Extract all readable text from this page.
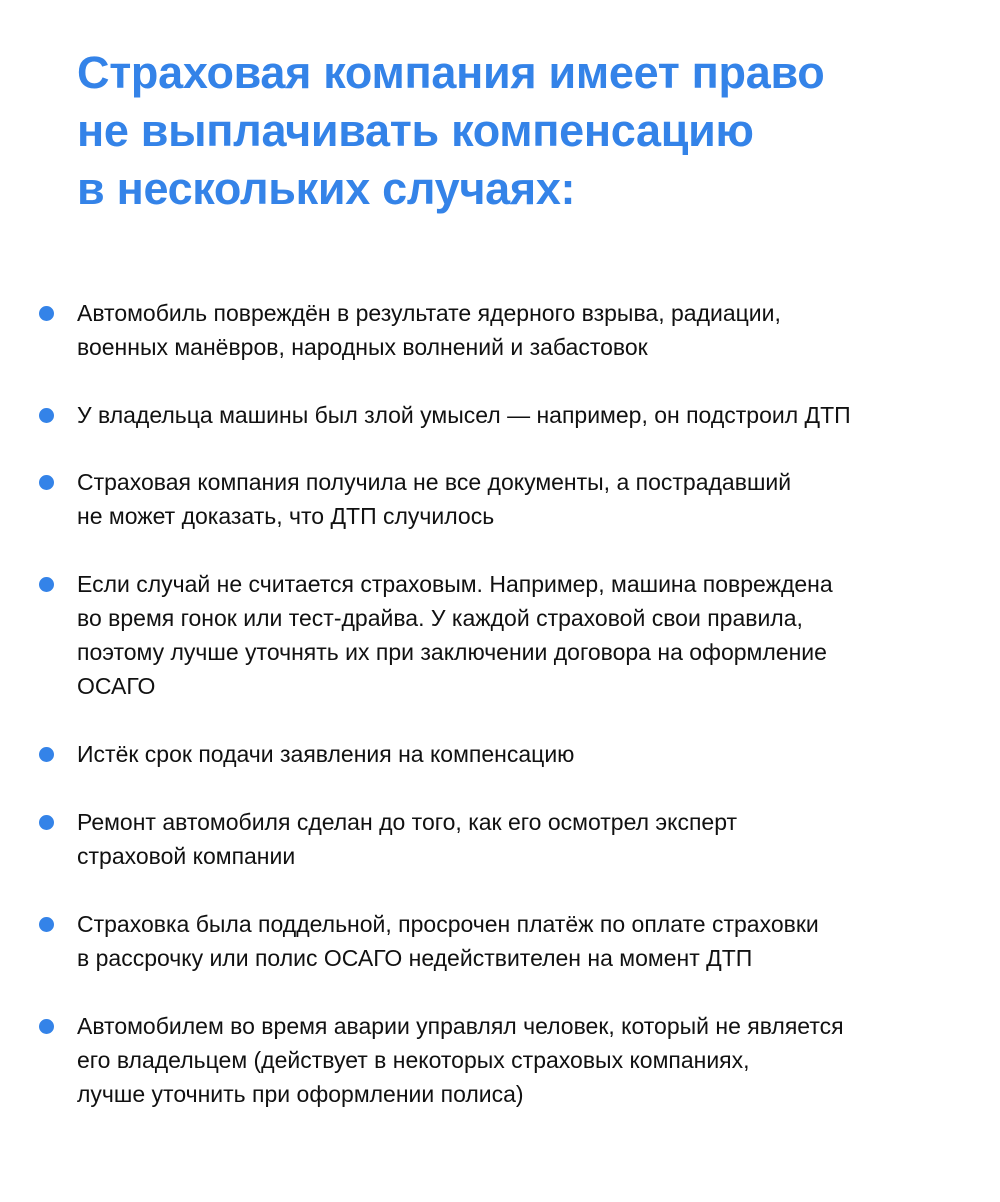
Страховая компания имеет право
не выплачивать компенсацию
в нескольких случаях:

Автомобиль повреждён в результате ядерного взрыва, радиации,
военных манёвров, народных волнений и забастовок

У владельца машины был злой умысел — например, он подстроил ДТП

Страховая компания получила не все документы, а пострадавший
не может доказать, что ДТП случилось

Если случай не считается страховым. Например, машина повреждена
во время гонок или тест-драйва. У каждой страховой свои правила,
поэтому лучше уточнять их при заключении договора на оформление
ОСАГО

Истёк срок подачи заявления на компенсацию

Ремонт автомобиля сделан до того, как его осмотрел эксперт
страховой компании

Страховка была поддельной, просрочен платёж по оплате страховки
в рассрочку или полис ОСАГО недействителен на момент ДТП

Автомобилем во время аварии управлял человек, который не является
его владельцем (действует в некоторых страховых компаниях,
лучше уточнить при оформлении полиса)
